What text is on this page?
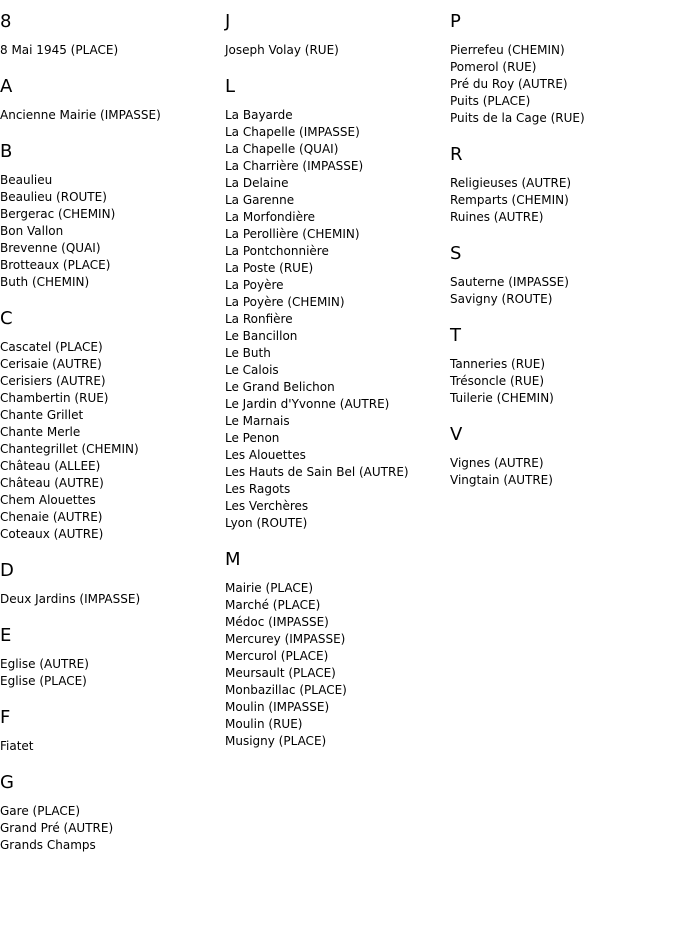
8
8 Mai 1945 (PLACE)
A
Ancienne Mairie (IMPASSE)
B
Beaulieu
Beaulieu (ROUTE)
Bergerac (CHEMIN)
Bon Vallon
Brevenne (QUAI)
Brotteaux (PLACE)
Buth (CHEMIN)
C
Cascatel (PLACE)
Cerisaie (AUTRE)
Cerisiers (AUTRE)
Chambertin (RUE)
Chante Grillet
Chante Merle
Chantegrillet (CHEMIN)
Château (ALLEE)
Château (AUTRE)
Chem Alouettes
Chenaie (AUTRE)
Coteaux (AUTRE)
D
Deux Jardins (IMPASSE)
E
Eglise (AUTRE)
Eglise (PLACE)
F
Fiatet
G
Gare (PLACE)
Grand Pré (AUTRE)
Grands Champs
J
Joseph Volay (RUE)
L
La Bayarde
La Chapelle (IMPASSE)
La Chapelle (QUAI)
La Charrière (IMPASSE)
La Delaine
La Garenne
La Morfondière
La Perollière (CHEMIN)
La Pontchonnière
La Poste (RUE)
La Poyère
La Poyère (CHEMIN)
La Ronfière
Le Bancillon
Le Buth
Le Calois
Le Grand Belichon
Le Jardin d'Yvonne (AUTRE)
Le Marnais
Le Penon
Les Alouettes
Les Hauts de Sain Bel (AUTRE)
Les Ragots
Les Verchères
Lyon (ROUTE)
M
Mairie (PLACE)
Marché (PLACE)
Médoc (IMPASSE)
Mercurey (IMPASSE)
Mercurol (PLACE)
Meursault (PLACE)
Monbazillac (PLACE)
Moulin (IMPASSE)
Moulin (RUE)
Musigny (PLACE)
P
Pierrefeu (CHEMIN)
Pomerol (RUE)
Pré du Roy (AUTRE)
Puits (PLACE)
Puits de la Cage (RUE)
R
Religieuses (AUTRE)
Remparts (CHEMIN)
Ruines (AUTRE)
S
Sauterne (IMPASSE)
Savigny (ROUTE)
T
Tanneries (RUE)
Trésoncle (RUE)
Tuilerie (CHEMIN)
V
Vignes (AUTRE)
Vingtain (AUTRE)
